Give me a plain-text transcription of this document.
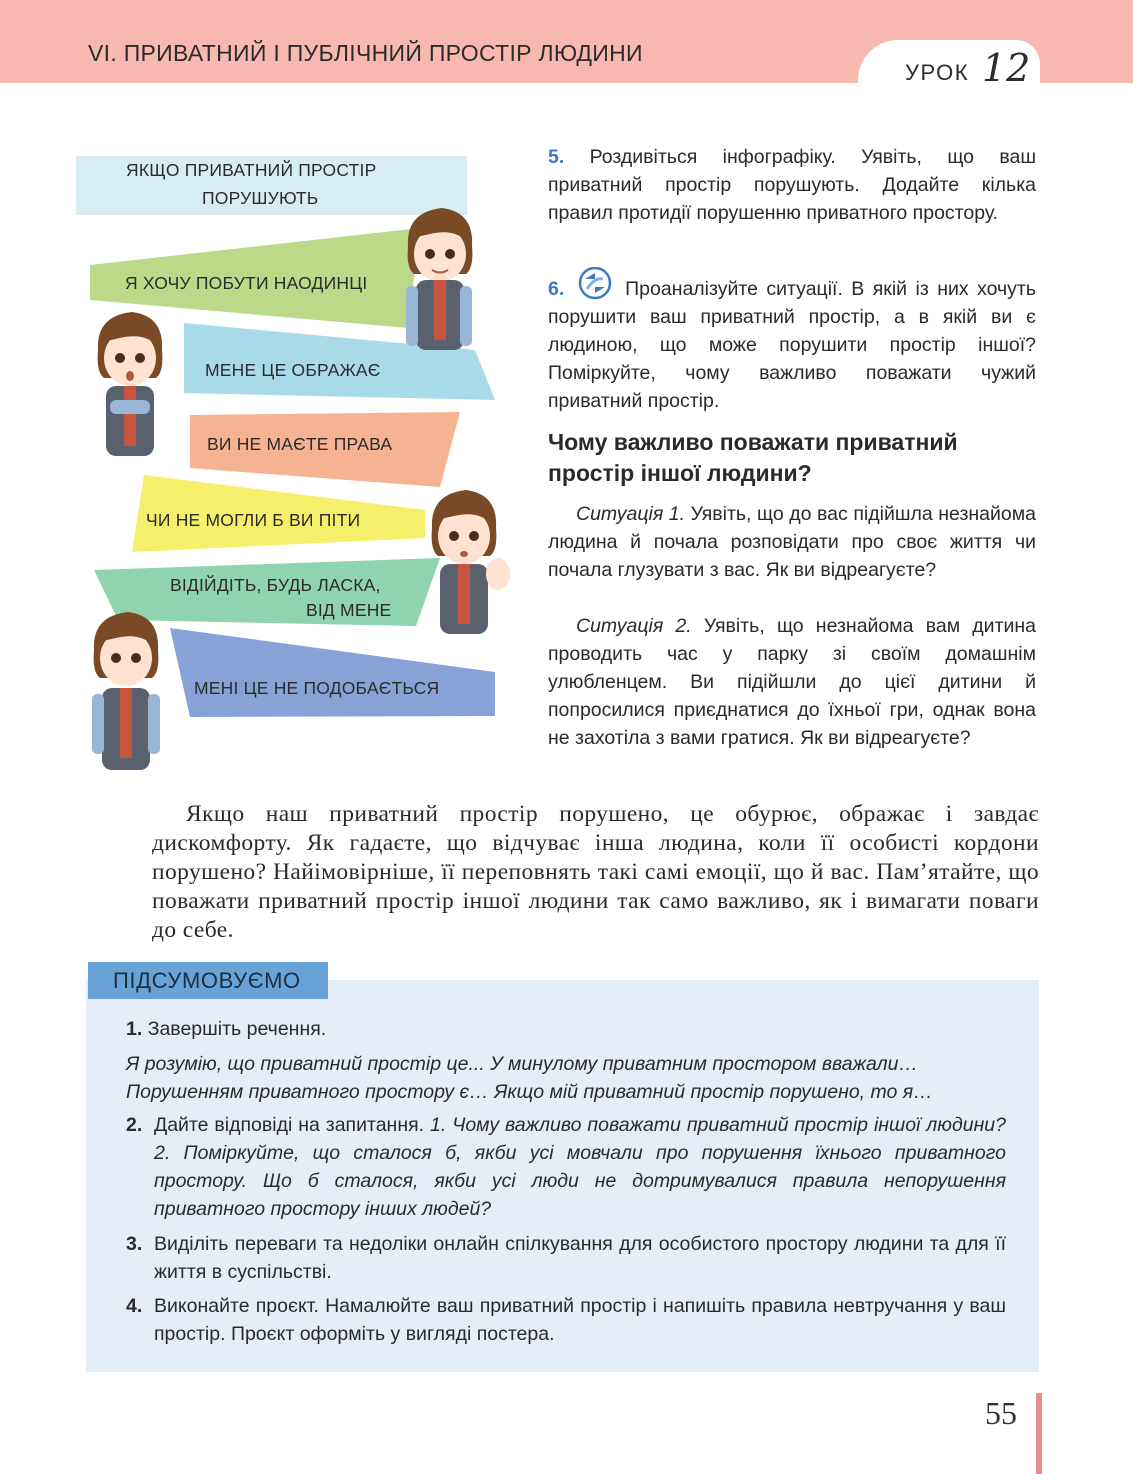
VI. ПРИВАТНИЙ І ПУБЛІЧНИЙ ПРОСТІР ЛЮДИНИ
УРОК 12
ЯКЩО ПРИВАТНИЙ ПРОСТІР
ПОРУШУЮТЬ
Я ХОЧУ ПОБУТИ НАОДИНЦІ
МЕНЕ ЦЕ ОБРАЖАЄ
ВИ НЕ МАЄТЕ ПРАВА
ЧИ НЕ МОГЛИ Б ВИ ПІТИ
ВІДІЙДІТЬ, БУДЬ ЛАСКА,
ВІД МЕНЕ
МЕНІ ЦЕ НЕ ПОДОБАЄТЬСЯ
5. Роздивіться інфографіку. Уявіть, що ваш приватний простір порушують. Додайте кілька правил протидії порушенню приватного простору.
6.	Проаналізуйте ситуації. В якій із них хочуть порушити ваш приватний простір, а в якій ви є людиною, що може порушити простір іншої? Поміркуйте, чому важливо поважати чужий приватний простір.
Чому важливо поважати приватний простір іншої людини?
Ситуація 1. Уявіть, що до вас підійшла незнайома людина й почала розповідати про своє життя чи почала глузувати з вас. Як ви відреагуєте?
Ситуація 2. Уявіть, що незнайома вам дитина проводить час у парку зі своїм домашнім улюбленцем. Ви підійшли до цієї дитини й попросилися приєднатися до їхньої гри, однак вона не захотіла з вами гратися. Як ви відреагуєте?
Якщо наш приватний простір порушено, це обурює, ображає і завдає дискомфорту. Як гадаєте, що відчуває інша людина, коли її особисті кордони порушено? Найімовірніше, її переповнять такі самі емоції, що й вас. Пам’ятайте, що поважати приватний простір іншої людини так само важливо, як і вимагати поваги до себе.
ПІДСУМОВУЄМО
1. Завершіть речення.
Я розумію, що приватний простір це... У минулому приватним простором вважали… Порушенням приватного простору є… Якщо мій приватний простір порушено, то я…
2. Дайте відповіді на запитання. 1. Чому важливо поважати приватний простір іншої людини? 2. Поміркуйте, що сталося б, якби усі мовчали про порушення їхнього приватного простору. Що б сталося, якби усі люди не дотримувалися правила непорушення приватного простору інших людей?
3. Виділіть переваги та недоліки онлайн спілкування для особистого простору людини та для її життя в суспільстві.
4. Виконайте проєкт. Намалюйте ваш приватний простір і напишіть правила невтручання у ваш простір. Проєкт оформіть у вигляді постера.
55
